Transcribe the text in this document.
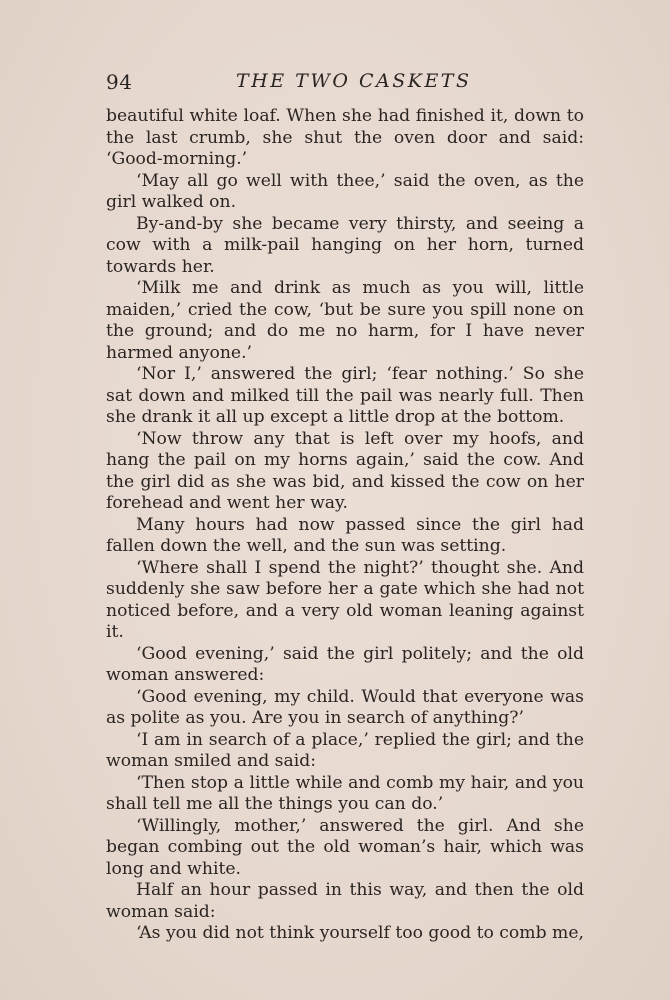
94	THE TWO CASKETS

beautiful white loaf. When she had finished it, down to the last crumb, she shut the oven door and said: ‘Good-morning.’

‘May all go well with thee,’ said the oven, as the girl walked on.

By-and-by she became very thirsty, and seeing a cow with a milk-pail hanging on her horn, turned towards her.

‘Milk me and drink as much as you will, little maiden,’ cried the cow, ‘but be sure you spill none on the ground; and do me no harm, for I have never harmed anyone.’

‘Nor I,’ answered the girl; ‘fear nothing.’ So she sat down and milked till the pail was nearly full. Then she drank it all up except a little drop at the bottom.

‘Now throw any that is left over my hoofs, and hang the pail on my horns again,’ said the cow. And the girl did as she was bid, and kissed the cow on her forehead and went her way.

Many hours had now passed since the girl had fallen down the well, and the sun was setting.

‘Where shall I spend the night?’ thought she. And suddenly she saw before her a gate which she had not noticed before, and a very old woman leaning against it.

‘Good evening,’ said the girl politely; and the old woman answered:

‘Good evening, my child. Would that everyone was as polite as you. Are you in search of anything?’

‘I am in search of a place,’ replied the girl; and the woman smiled and said:

‘Then stop a little while and comb my hair, and you shall tell me all the things you can do.’

‘Willingly, mother,’ answered the girl. And she began combing out the old woman’s hair, which was long and white.

Half an hour passed in this way, and then the old woman said:

‘As you did not think yourself too good to comb me,
